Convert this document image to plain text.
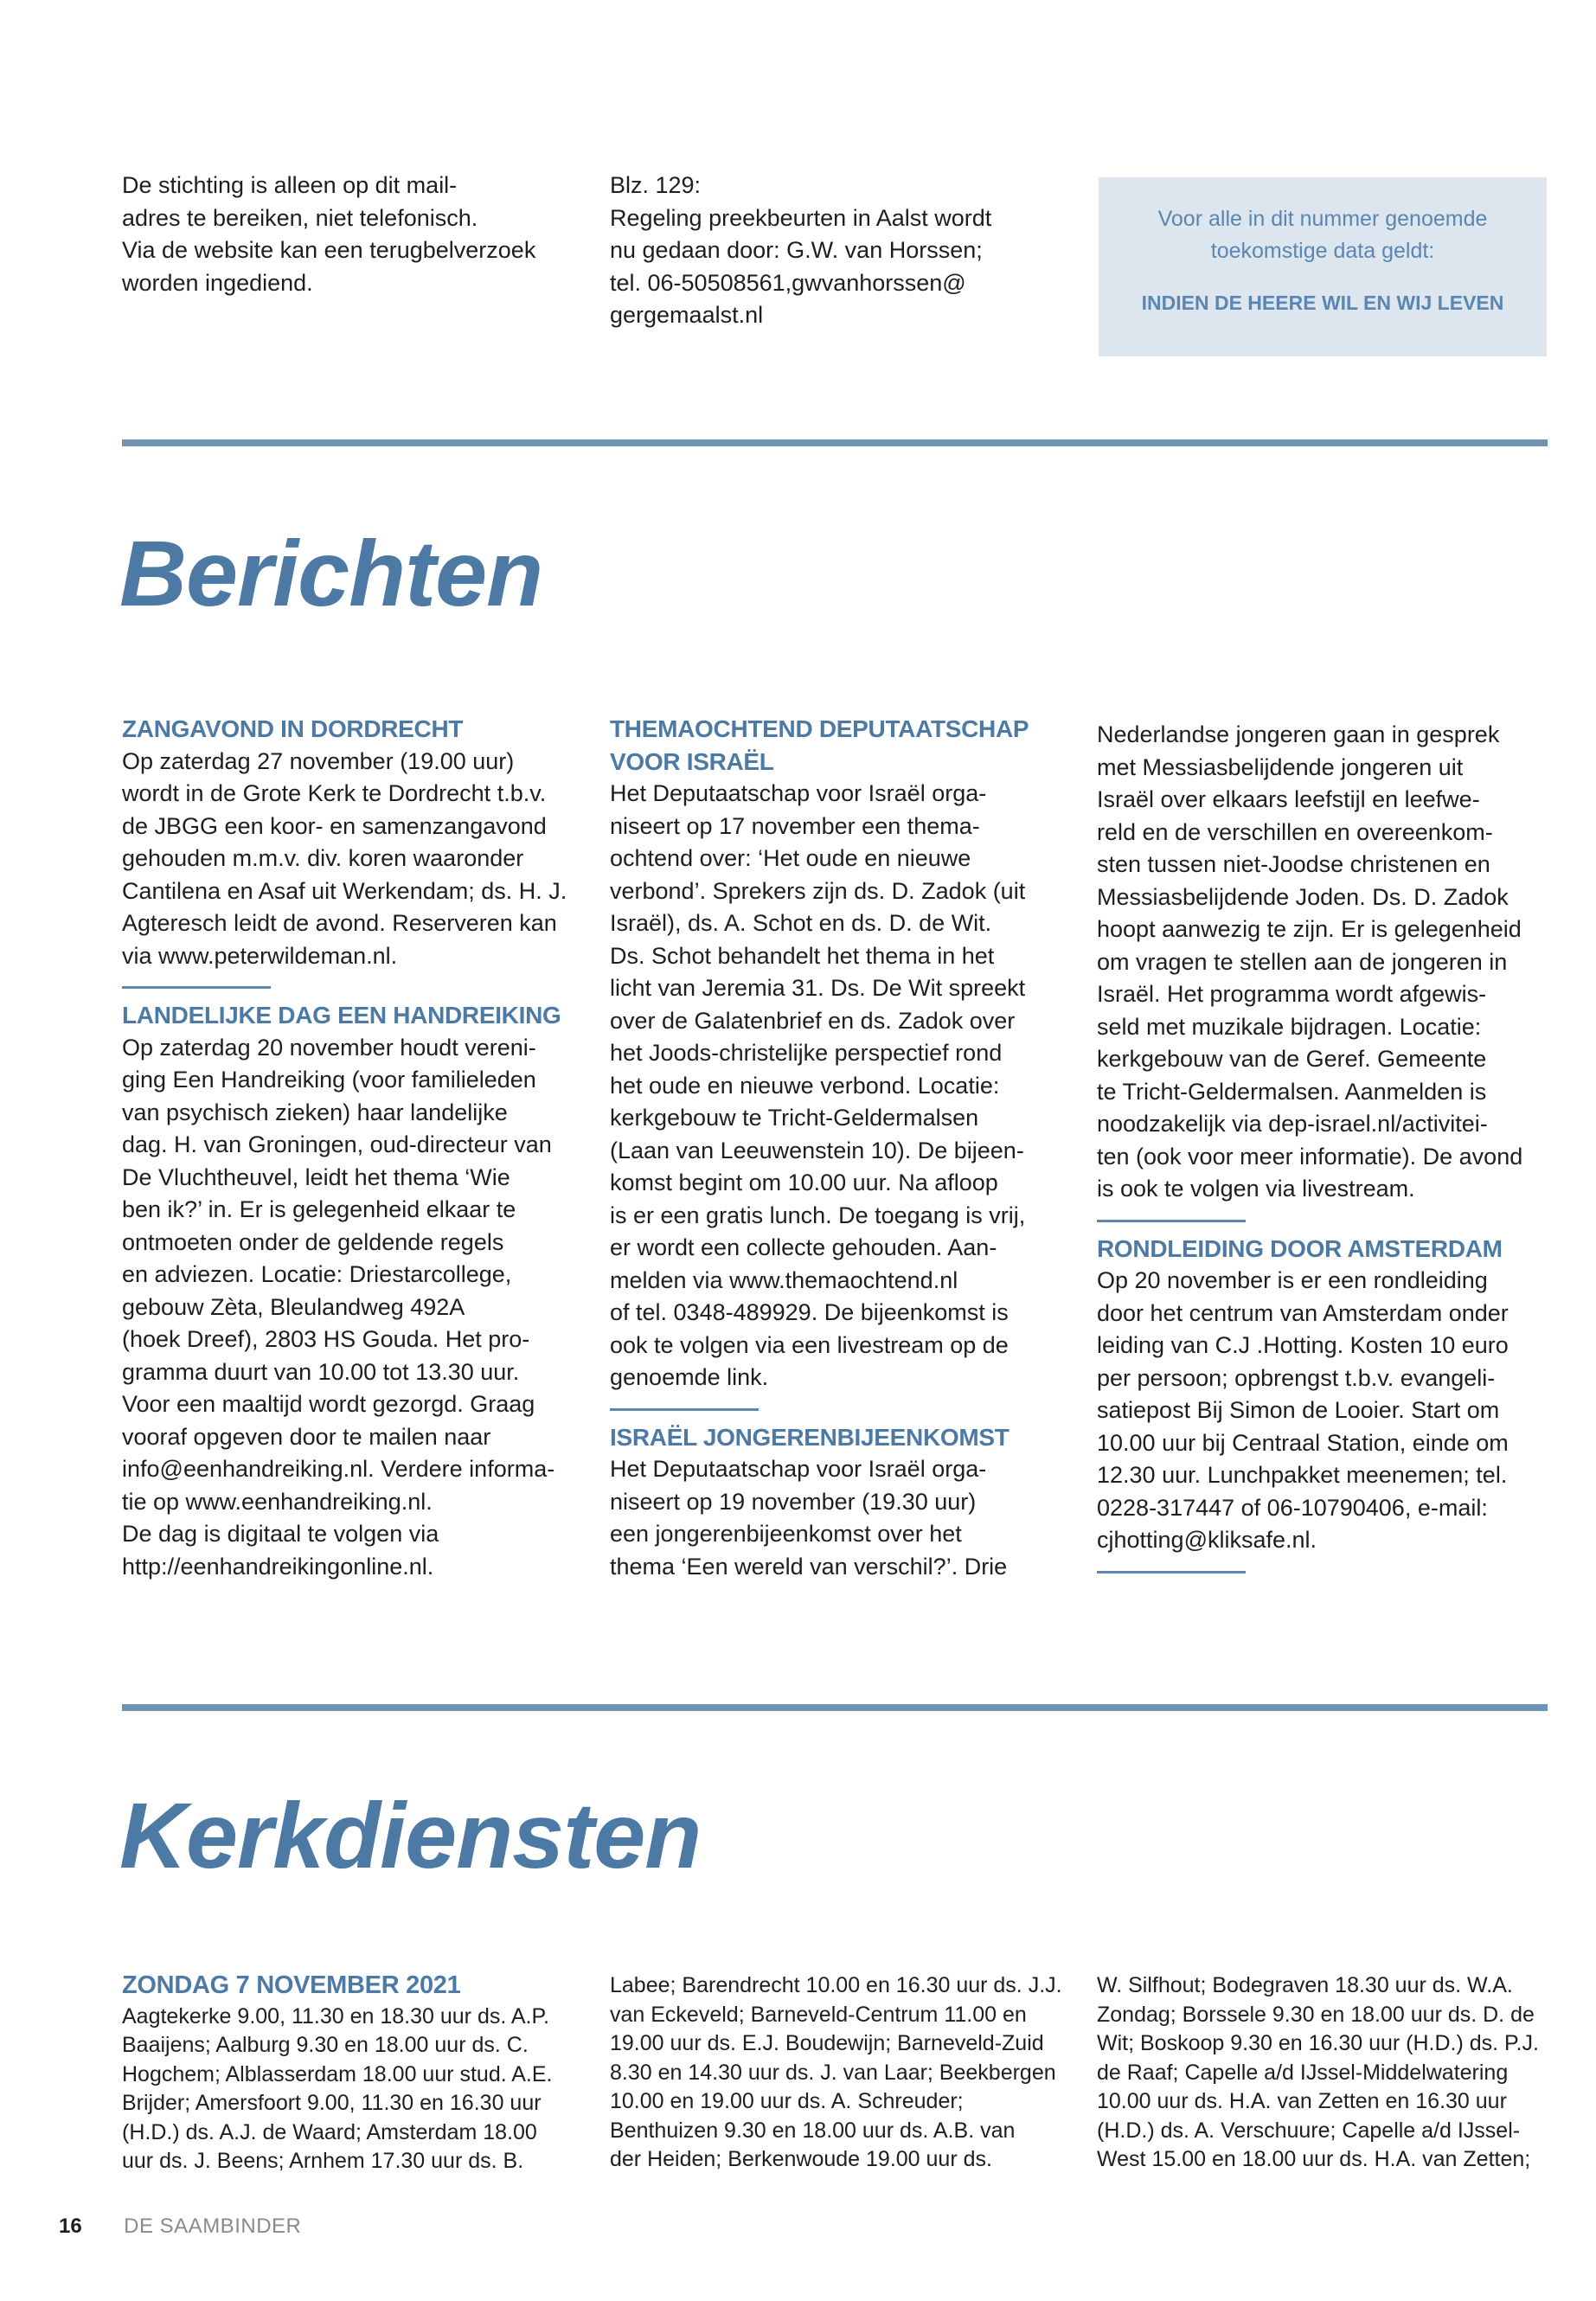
De stichting is alleen op dit mail-
adres te bereiken, niet telefonisch.
Via de website kan een terugbelverzoek
worden ingediend.
Blz. 129:
Regeling preekbeurten in Aalst wordt
nu gedaan door: G.W. van Horssen;
tel. 06-50508561,gwvanhorssen@
gergemaalst.nl
Voor alle in dit nummer genoemde
toekomstige data geldt:
INDIEN DE HEERE WIL EN WIJ LEVEN
Berichten
ZANGAVOND IN DORDRECHT
Op zaterdag 27 november (19.00 uur)
wordt in de Grote Kerk te Dordrecht t.b.v.
de JBGG een koor- en samenzangavond
gehouden m.m.v. div. koren waaronder
Cantilena en Asaf uit Werkendam; ds. H. J.
Agteresch leidt de avond. Reserveren kan
via www.peterwildeman.nl.
LANDELIJKE DAG EEN HANDREIKING
Op zaterdag 20 november houdt vereni-
ging Een Handreiking (voor familieleden
van psychisch zieken) haar landelijke
dag. H. van Groningen, oud-directeur van
De Vluchtheuvel, leidt het thema ‘Wie
ben ik?’ in. Er is gelegenheid elkaar te
ontmoeten onder de geldende regels
en adviezen. Locatie: Driestarcollege,
gebouw Zèta, Bleulandweg 492A
(hoek Dreef), 2803 HS Gouda. Het pro-
gramma duurt van 10.00 tot 13.30 uur.
Voor een maaltijd wordt gezorgd. Graag
vooraf opgeven door te mailen naar
info@eenhandreiking.nl. Verdere informa-
tie op www.eenhandreiking.nl.
De dag is digitaal te volgen via
http://eenhandreikingonline.nl.
THEMAOCHTEND DEPUTAATSCHAP
VOOR ISRAËL
Het Deputaatschap voor Israël orga-
niseert op 17 november een thema-
ochtend over: ‘Het oude en nieuwe
verbond’. Sprekers zijn ds. D. Zadok (uit
Israël), ds. A. Schot en ds. D. de Wit.
Ds. Schot behandelt het thema in het
licht van Jeremia 31. Ds. De Wit spreekt
over de Galatenbrief en ds. Zadok over
het Joods-christelijke perspectief rond
het oude en nieuwe verbond. Locatie:
kerkgebouw te Tricht-Geldermalsen
(Laan van Leeuwenstein 10). De bijeen-
komst begint om 10.00 uur. Na afloop
is er een gratis lunch. De toegang is vrij,
er wordt een collecte gehouden. Aan-
melden via www.themaochtend.nl
of tel. 0348-489929. De bijeenkomst is
ook te volgen via een livestream op de
genoemde link.
ISRAËL JONGERENBIJEENKOMST
Het Deputaatschap voor Israël orga-
niseert op 19 november (19.30 uur)
een jongerenbijeenkomst over het
thema ‘Een wereld van verschil?’. Drie
Nederlandse jongeren gaan in gesprek
met Messiasbelijdende jongeren uit
Israël over elkaars leefstijl en leefwe-
reld en de verschillen en overeenkom-
sten tussen niet-Joodse christenen en
Messiasbelijdende Joden. Ds. D. Zadok
hoopt aanwezig te zijn. Er is gelegenheid
om vragen te stellen aan de jongeren in
Israël. Het programma wordt afgewis-
seld met muzikale bijdragen. Locatie:
kerkgebouw van de Geref. Gemeente
te Tricht-Geldermalsen. Aanmelden is
noodzakelijk via dep-israel.nl/activitei-
ten (ook voor meer informatie). De avond
is ook te volgen via livestream.
RONDLEIDING DOOR AMSTERDAM
Op 20 november is er een rondleiding
door het centrum van Amsterdam onder
leiding van C.J .Hotting. Kosten 10 euro
per persoon; opbrengst t.b.v. evangeli-
satiepost Bij Simon de Looier. Start om
10.00 uur bij Centraal Station, einde om
12.30 uur. Lunchpakket meenemen; tel.
0228-317447 of 06-10790406, e-mail:
cjhotting@kliksafe.nl.
Kerkdiensten
ZONDAG 7 NOVEMBER 2021
Aagtekerke 9.00, 11.30 en 18.30 uur ds. A.P.
Baaijens; Aalburg 9.30 en 18.00 uur ds. C.
Hogchem; Alblasserdam 18.00 uur stud. A.E.
Brijder; Amersfoort 9.00, 11.30 en 16.30 uur
(H.D.) ds. A.J. de Waard; Amsterdam 18.00
uur ds. J. Beens; Arnhem 17.30 uur ds. B.
Labee; Barendrecht 10.00 en 16.30 uur ds. J.J.
van Eckeveld; Barneveld-Centrum 11.00 en
19.00 uur ds. E.J. Boudewijn; Barneveld-Zuid
8.30 en 14.30 uur ds. J. van Laar; Beekbergen
10.00 en 19.00 uur ds. A. Schreuder;
Benthuizen 9.30 en 18.00 uur ds. A.B. van
der Heiden; Berkenwoude 19.00 uur ds.
W. Silfhout; Bodegraven 18.30 uur ds. W.A.
Zondag; Borssele 9.30 en 18.00 uur ds. D. de
Wit; Boskoop 9.30 en 16.30 uur (H.D.) ds. P.J.
de Raaf; Capelle a/d IJssel-Middelwatering
10.00 uur ds. H.A. van Zetten en 16.30 uur
(H.D.) ds. A. Verschuure; Capelle a/d IJssel-
West 15.00 en 18.00 uur ds. H.A. van Zetten;
16 DE SAAMBINDER
